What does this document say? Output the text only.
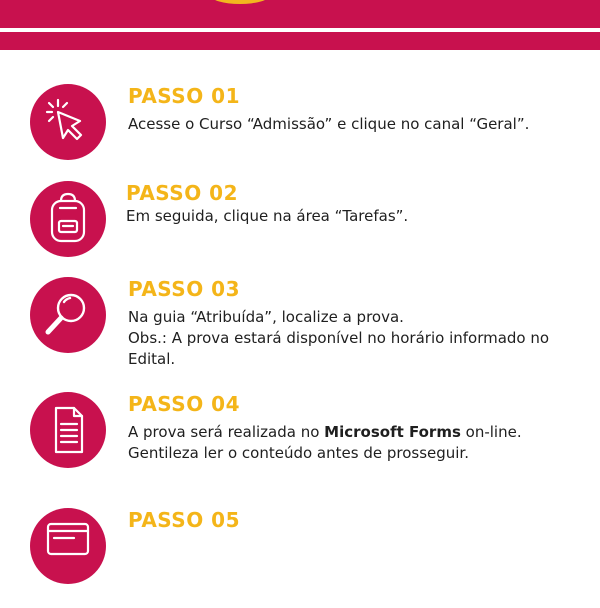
PASSO 01
Acesse o Curso “Admissão” e clique no canal “Geral”.
PASSO 02
Em seguida, clique na área “Tarefas”.
PASSO 03
Na guia “Atribuída”, localize a prova.
Obs.: A prova estará disponível no horário informado no
Edital.
PASSO 04
A prova será realizada no Microsoft Forms on-line.
Gentileza ler o conteúdo antes de prosseguir.
PASSO 05
